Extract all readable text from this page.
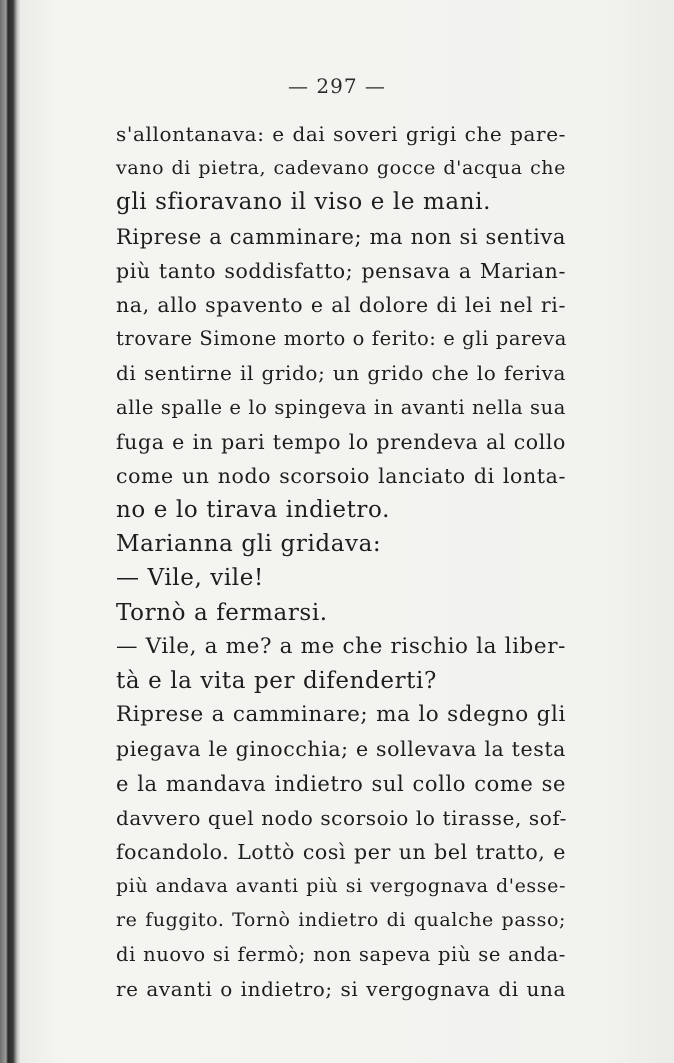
— 297 —
s'allontanava: e dai soveri grigi che pare-
vano di pietra, cadevano gocce d'acqua che
gli sfioravano il viso e le mani.
Riprese a camminare; ma non si sentiva
più tanto soddisfatto; pensava a Marian-
na, allo spavento e al dolore di lei nel ri-
trovare Simone morto o ferito: e gli pareva
di sentirne il grido; un grido che lo feriva
alle spalle e lo spingeva in avanti nella sua
fuga e in pari tempo lo prendeva al collo
come un nodo scorsoio lanciato di lonta-
no e lo tirava indietro.
Marianna gli gridava:
— Vile, vile!
Tornò a fermarsi.
— Vile, a me? a me che rischio la liber-
tà e la vita per difenderti?
Riprese a camminare; ma lo sdegno gli
piegava le ginocchia; e sollevava la testa
e la mandava indietro sul collo come se
davvero quel nodo scorsoio lo tirasse, sof-
focandolo. Lottò così per un bel tratto, e
più andava avanti più si vergognava d'esse-
re fuggito. Tornò indietro di qualche passo;
di nuovo si fermò; non sapeva più se anda-
re avanti o indietro; si vergognava di una
